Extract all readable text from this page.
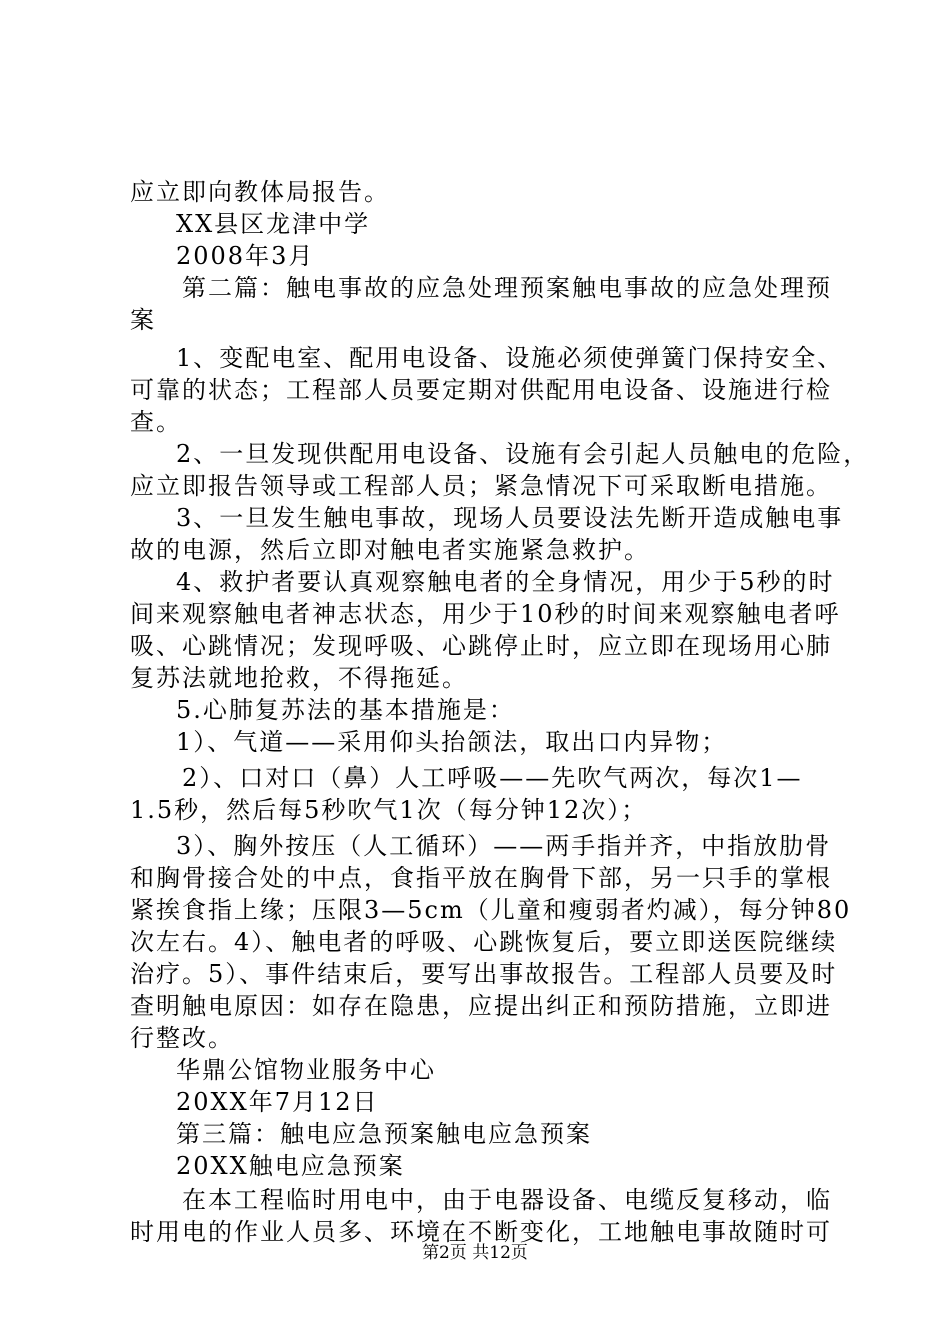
应立即向教体局报告。
XX县区龙津中学
2008年3月
第二篇：触电事故的应急处理预案触电事故的应急处理预
案
1、变配电室、配用电设备、设施必须使弹簧门保持安全、
可靠的状态；工程部人员要定期对供配用电设备、设施进行检
查。
2、一旦发现供配用电设备、设施有会引起人员触电的危险，
应立即报告领导或工程部人员；紧急情况下可采取断电措施。
3、一旦发生触电事故，现场人员要设法先断开造成触电事
故的电源，然后立即对触电者实施紧急救护。
4、救护者要认真观察触电者的全身情况，用少于5秒的时
间来观察触电者神志状态，用少于10秒的时间来观察触电者呼
吸、心跳情况；发现呼吸、心跳停止时，应立即在现场用心肺
复苏法就地抢救，不得拖延。
5.心肺复苏法的基本措施是：
1）、气道——采用仰头抬颌法，取出口内异物；
2）、口对口（鼻）人工呼吸——先吹气两次，每次1—
1.5秒，然后每5秒吹气1次（每分钟12次）；
3）、胸外按压（人工循环）——两手指并齐，中指放肋骨
和胸骨接合处的中点，食指平放在胸骨下部，另一只手的掌根
紧挨食指上缘；压限3—5cm（儿童和瘦弱者灼减），每分钟80
次左右。4）、触电者的呼吸、心跳恢复后，要立即送医院继续
治疗。5）、事件结束后，要写出事故报告。工程部人员要及时
查明触电原因：如存在隐患，应提出纠正和预防措施，立即进
行整改。
华鼎公馆物业服务中心
20XX年7月12日
第三篇：触电应急预案触电应急预案
20XX触电应急预案
在本工程临时用电中，由于电器设备、电缆反复移动，临
时用电的作业人员多、环境在不断变化，工地触电事故随时可
第2页 共12页
